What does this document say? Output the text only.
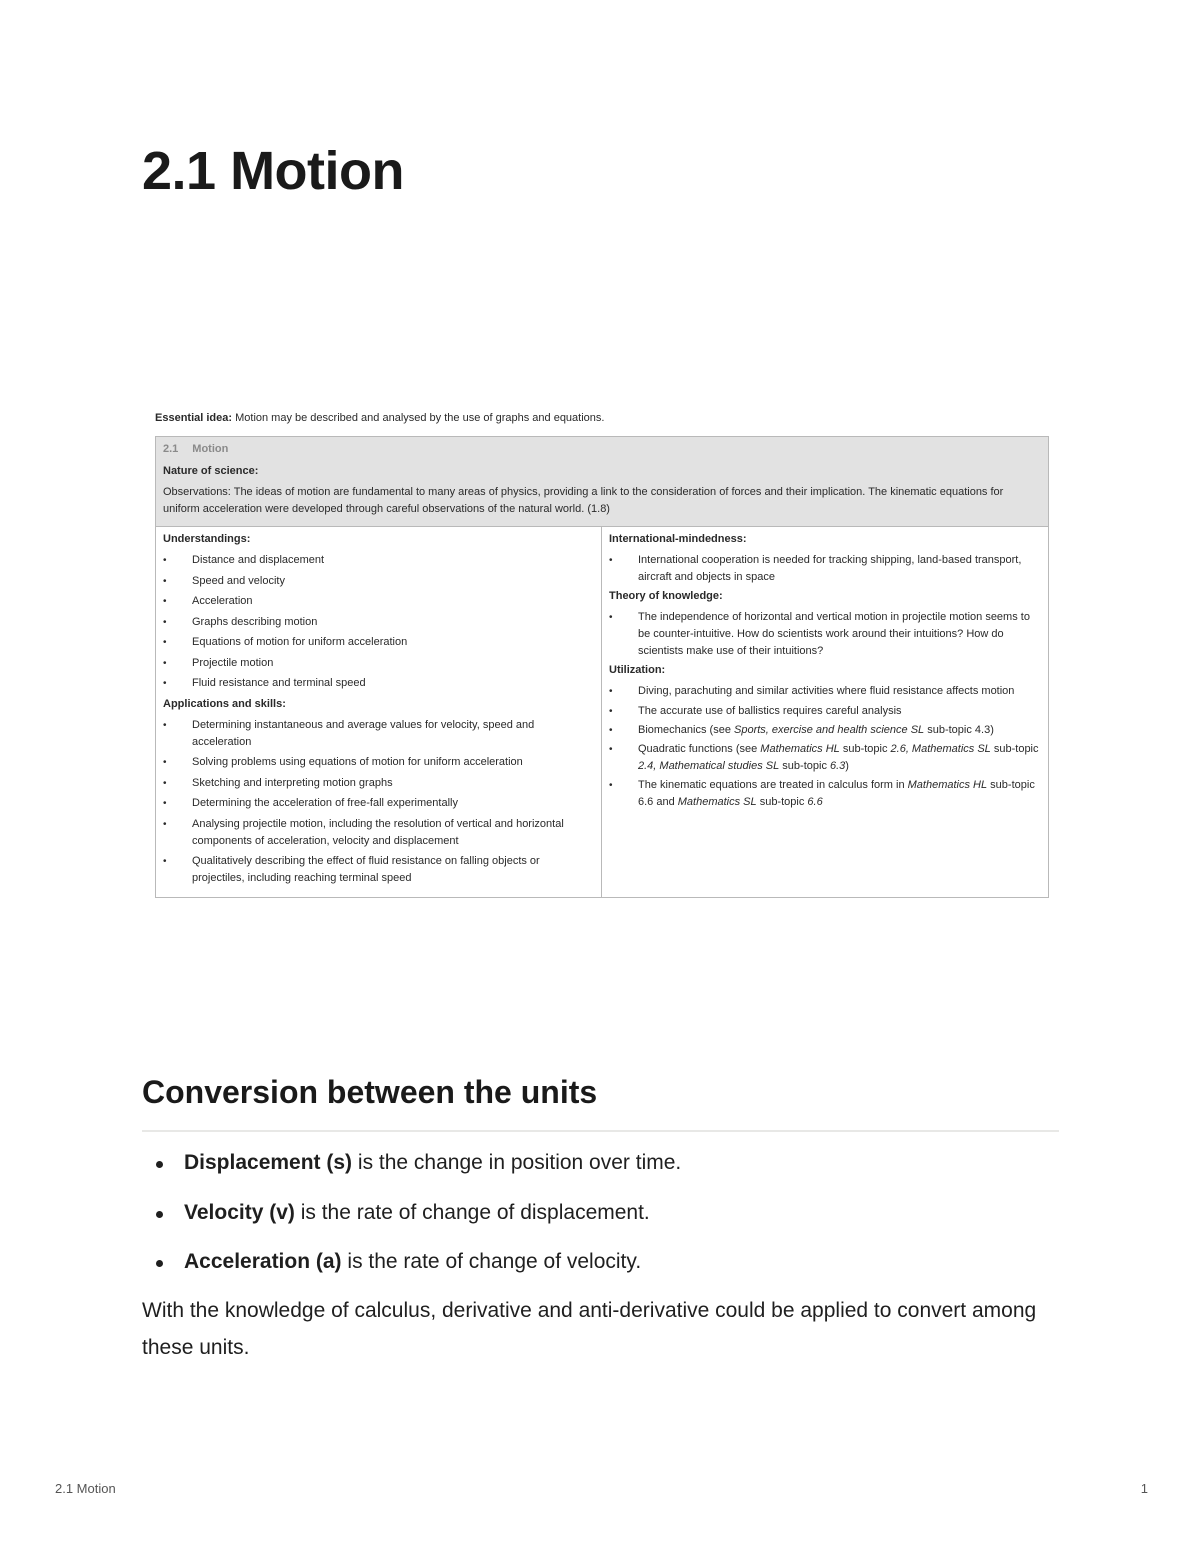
2.1 Motion
Essential idea: Motion may be described and analysed by the use of graphs and equations.
2.1 Motion
Nature of science:

Observations: The ideas of motion are fundamental to many areas of physics, providing a link to the consideration of forces and their implication. The kinematic equations for uniform acceleration were developed through careful observations of the natural world. (1.8)

Understandings:
• Distance and displacement
• Speed and velocity
• Acceleration
• Graphs describing motion
• Equations of motion for uniform acceleration
• Projectile motion
• Fluid resistance and terminal speed
Applications and skills:
• Determining instantaneous and average values for velocity, speed and acceleration
• Solving problems using equations of motion for uniform acceleration
• Sketching and interpreting motion graphs
• Determining the acceleration of free-fall experimentally
• Analysing projectile motion, including the resolution of vertical and horizontal components of acceleration, velocity and displacement
• Qualitatively describing the effect of fluid resistance on falling objects or projectiles, including reaching terminal speed
International-mindedness:
• International cooperation is needed for tracking shipping, land-based transport, aircraft and objects in space
Theory of knowledge:
• The independence of horizontal and vertical motion in projectile motion seems to be counter-intuitive. How do scientists work around their intuitions? How do scientists make use of their intuitions?
Utilization:
• Diving, parachuting and similar activities where fluid resistance affects motion
• The accurate use of ballistics requires careful analysis
• Biomechanics (see Sports, exercise and health science SL sub-topic 4.3)
• Quadratic functions (see Mathematics HL sub-topic 2.6, Mathematics SL sub-topic 2.4, Mathematical studies SL sub-topic 6.3)
• The kinematic equations are treated in calculus form in Mathematics HL sub-topic 6.6 and Mathematics SL sub-topic 6.6
Conversion between the units
Displacement (s) is the change in position over time.
Velocity (v) is the rate of change of displacement.
Acceleration (a) is the rate of change of velocity.

With the knowledge of calculus, derivative and anti-derivative could be applied to convert among these units.

2.1 Motion	1
